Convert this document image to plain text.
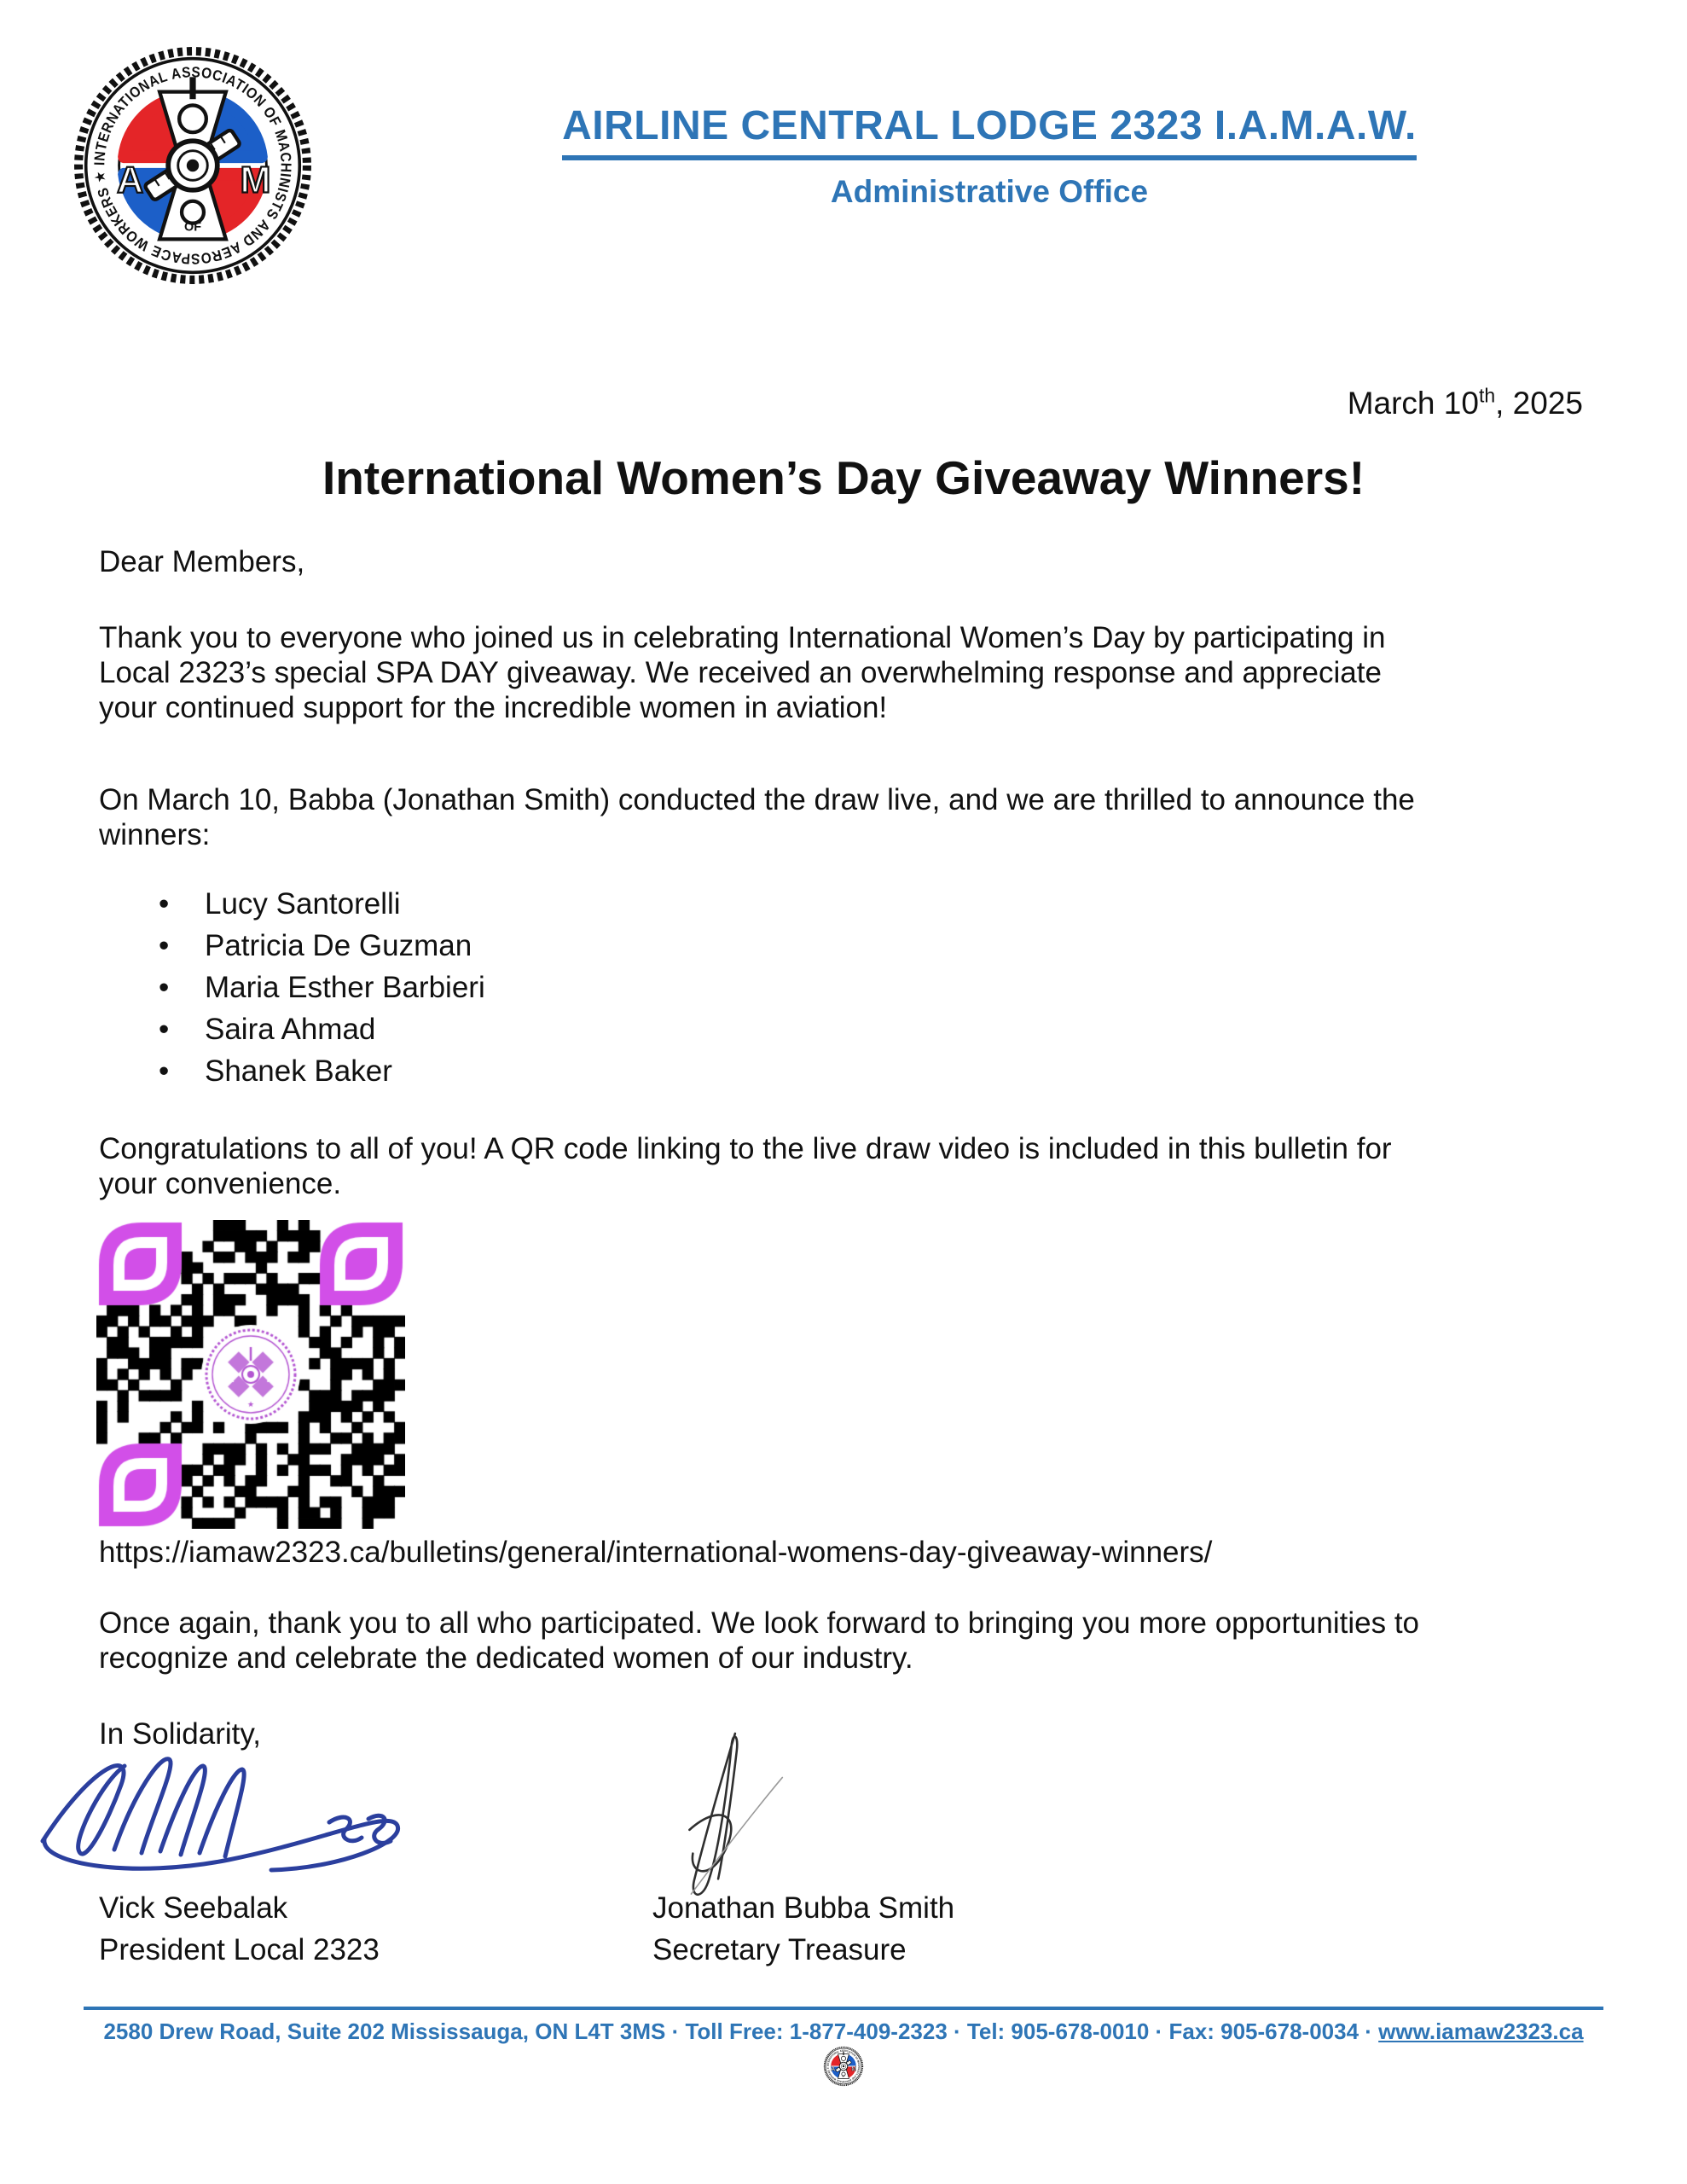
AIRLINE CENTRAL LODGE 2323 I.A.M.A.W.
Administrative Office
March 10th, 2025
International Women’s Day Giveaway Winners!
Dear Members,
Thank you to everyone who joined us in celebrating International Women’s Day by participating in
Local 2323’s special SPA DAY giveaway. We received an overwhelming response and appreciate
your continued support for the incredible women in aviation!
On March 10, Babba (Jonathan Smith) conducted the draw live, and we are thrilled to announce the
winners:
• Lucy Santorelli
• Patricia De Guzman
• Maria Esther Barbieri
• Saira Ahmad
• Shanek Baker
Congratulations to all of you! A QR code linking to the live draw video is included in this bulletin for
your convenience.
https://iamaw2323.ca/bulletins/general/international-womens-day-giveaway-winners/
Once again, thank you to all who participated. We look forward to bringing you more opportunities to
recognize and celebrate the dedicated women of our industry.
In Solidarity,
Vick Seebalak
President Local 2323
Jonathan Bubba Smith
Secretary Treasure
2580 Drew Road, Suite 202 Mississauga, ON L4T 3MS · Toll Free: 1-877-409-2323 · Tel: 905-678-0010 · Fax: 905-678-0034 · www.iamaw2323.ca
